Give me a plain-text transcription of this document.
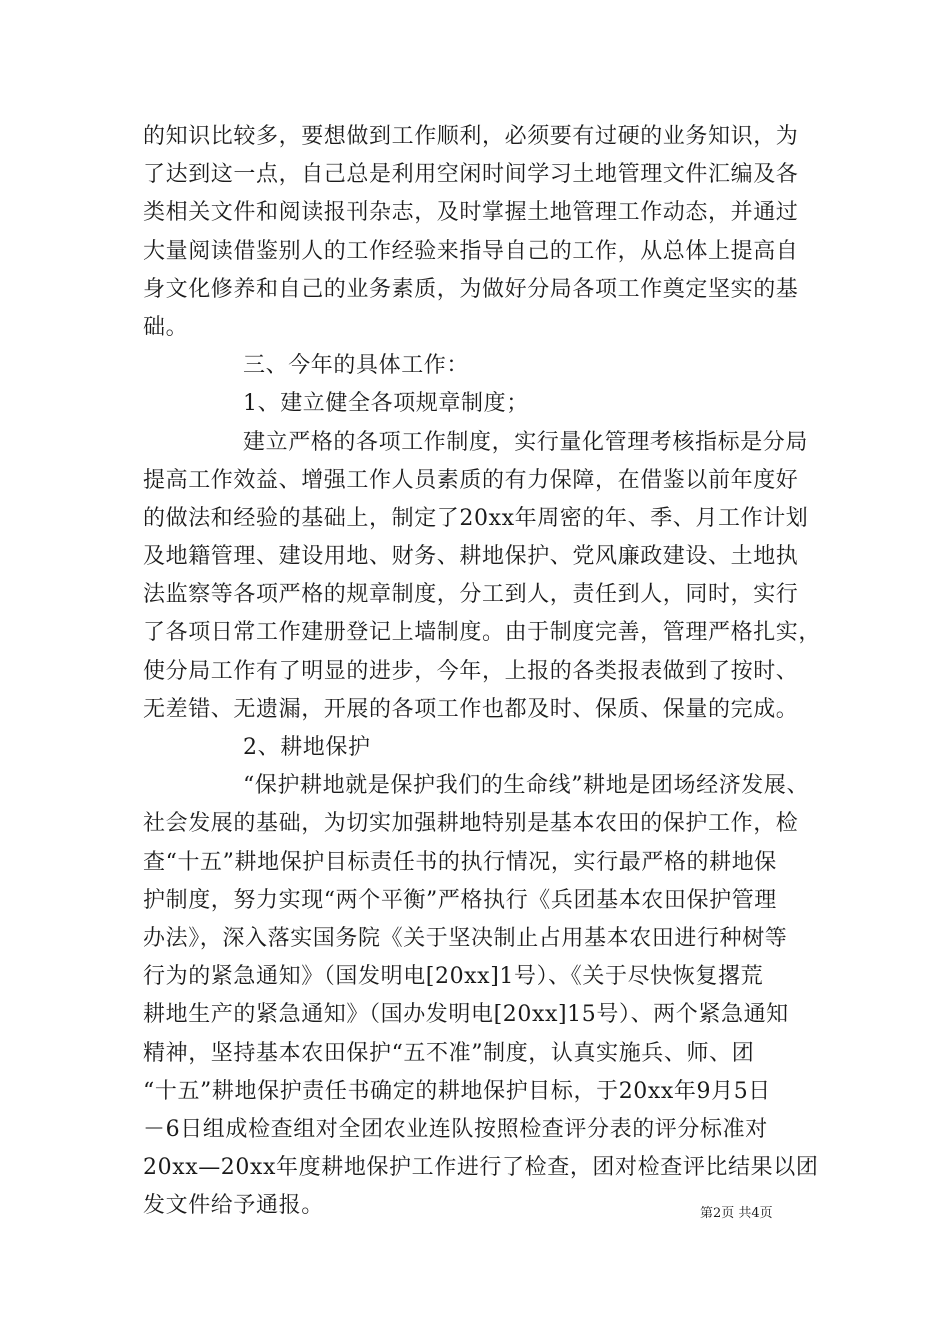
的知识比较多，要想做到工作顺利，必须要有过硬的业务知识，为
了达到这一点，自己总是利用空闲时间学习土地管理文件汇编及各
类相关文件和阅读报刊杂志，及时掌握土地管理工作动态，并通过
大量阅读借鉴别人的工作经验来指导自己的工作，从总体上提高自
身文化修养和自己的业务素质，为做好分局各项工作奠定坚实的基
础。
三、今年的具体工作：
1、建立健全各项规章制度；
建立严格的各项工作制度，实行量化管理考核指标是分局
提高工作效益、增强工作人员素质的有力保障，在借鉴以前年度好
的做法和经验的基础上，制定了20xx年周密的年、季、月工作计划
及地籍管理、建设用地、财务、耕地保护、党风廉政建设、土地执
法监察等各项严格的规章制度，分工到人，责任到人，同时，实行
了各项日常工作建册登记上墙制度。由于制度完善，管理严格扎实，
使分局工作有了明显的进步，今年，上报的各类报表做到了按时、
无差错、无遗漏，开展的各项工作也都及时、保质、保量的完成。
2、耕地保护
“保护耕地就是保护我们的生命线”耕地是团场经济发展、
社会发展的基础，为切实加强耕地特别是基本农田的保护工作，检
查“十五”耕地保护目标责任书的执行情况，实行最严格的耕地保
护制度，努力实现“两个平衡”严格执行《兵团基本农田保护管理
办法》，深入落实国务院《关于坚决制止占用基本农田进行种树等
行为的紧急通知》（国发明电[20xx]1号）、《关于尽快恢复撂荒
耕地生产的紧急通知》（国办发明电[20xx]15号）、两个紧急通知
精神，坚持基本农田保护“五不准”制度，认真实施兵、师、团
“十五”耕地保护责任书确定的耕地保护目标，于20xx年9月5日
－6日组成检查组对全团农业连队按照检查评分表的评分标准对
20xx—20xx年度耕地保护工作进行了检查，团对检查评比结果以团
发文件给予通报。	第2页 共4页
